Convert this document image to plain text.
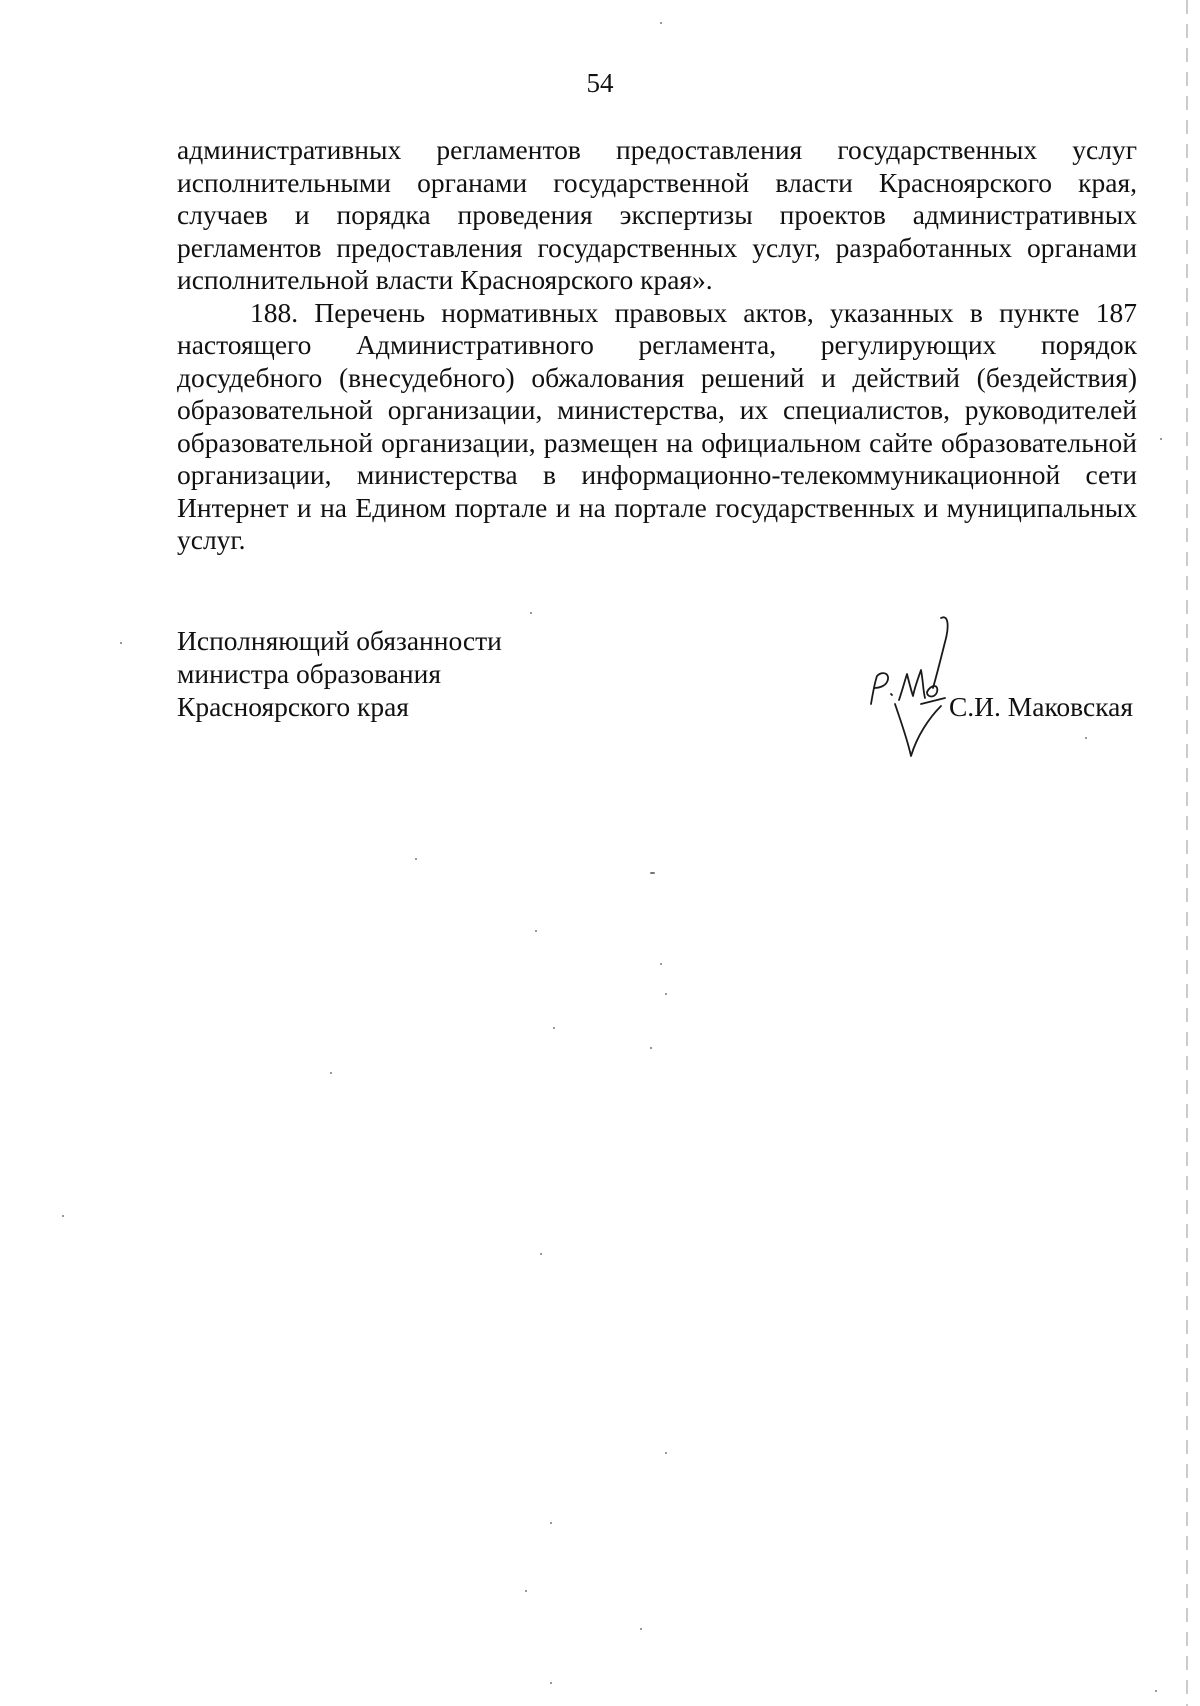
54

административных регламентов предоставления государственных услуг исполнительными органами государственной власти Красноярского края, случаев и порядка проведения экспертизы проектов административных регламентов предоставления государственных услуг, разработанных органами исполнительной власти Красноярского края».

188. Перечень нормативных правовых актов, указанных в пункте 187 настоящего Административного регламента, регулирующих порядок досудебного (внесудебного) обжалования решений и действий (бездействия) образовательной организации, министерства, их специалистов, руководителей образовательной организации, размещен на официальном сайте образовательной организации, министерства в информационно-телекоммуникационной сети Интернет и на Едином портале и на портале государственных и муниципальных услуг.

Исполняющий обязанности
министра образования
Красноярского края	С.И. Маковская
